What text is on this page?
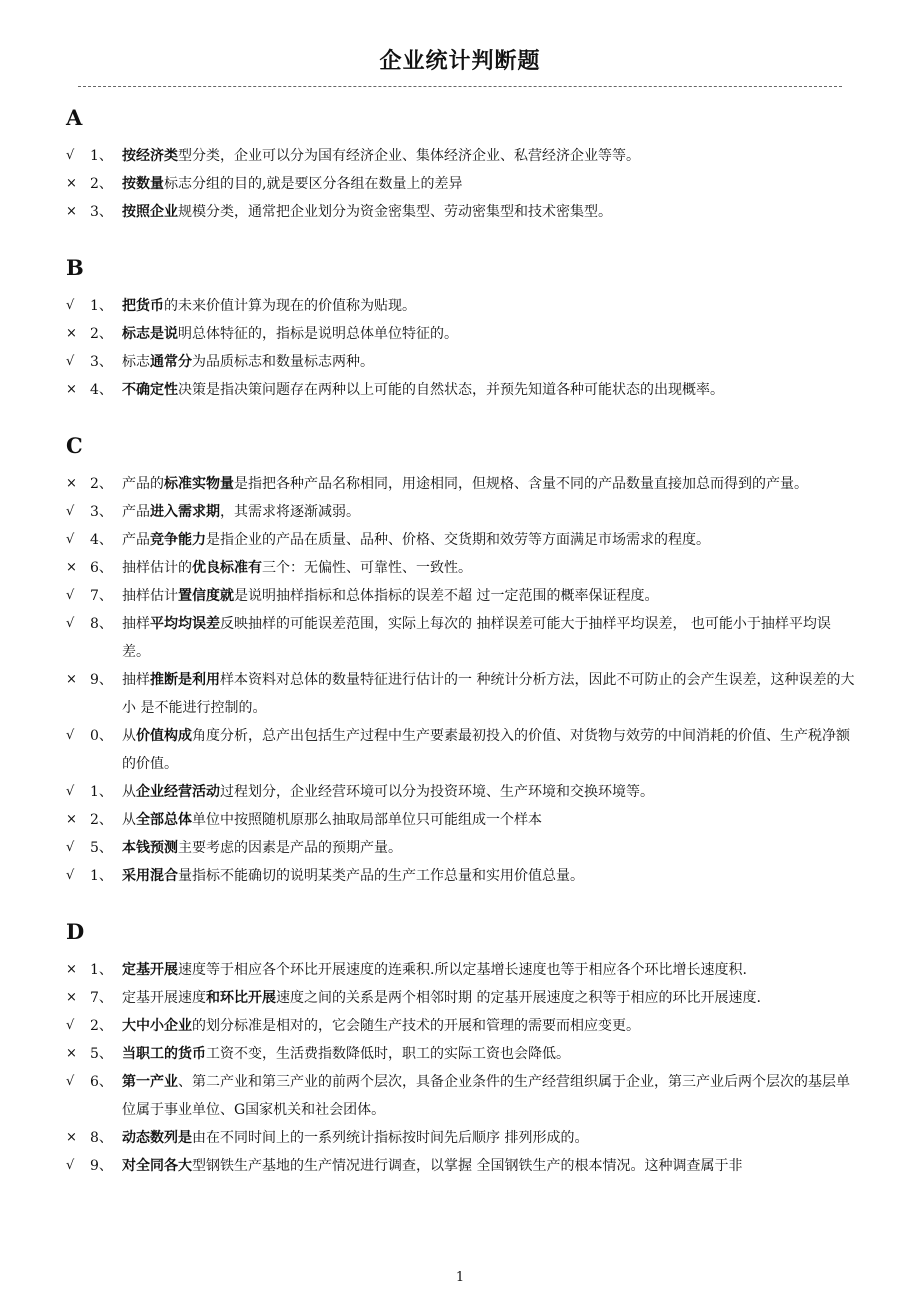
企业统计判断题
A
√	1、 按经济类型分类，企业可以分为国有经济企业、集体经济企业、私营经济企业等等。
× 2、 按数量标志分组的目的,就是要区分各组在数量上的差异
× 3、 按照企业规模分类，通常把企业划分为资金密集型、劳动密集型和技术密集型。
B
√	1、 把货币的未来价值计算为现在的价值称为贴现。
× 2、 标志是说明总体特征的，指标是说明总体单位特征的。
√	3、 标志通常分为品质标志和数量标志两种。
× 4、 不确定性决策是指决策问题存在两种以上可能的自然状态，并预先知道各种可能状态的出现概率。
C
× 2、 产品的标准实物量是指把各种产品名称相同，用途相同，但规格、含量不同的产品数量直接加总而得到的产量。
√	3、 产品进入需求期，其需求将逐渐减弱。
√	4、 产品竞争能力是指企业的产品在质量、品种、价格、交货期和效劳等方面满足市场需求的程度。
× 6、 抽样估计的优良标准有三个：无偏性、可靠性、一致性。
√	7、 抽样估计置信度就是说明抽样指标和总体指标的误差不超 过一定范围的概率保证程度。
√	8、 抽样平均均误差反映抽样的可能误差范围，实际上每次的 抽样误差可能大于抽样平均误差， 也可能小于抽样平均误差。
× 9、 抽样推断是利用样本资料对总体的数量特征进行估计的一 种统计分析方法，因此不可防止的会产生误差，这种误差的大小 是不能进行控制的。
√	0、 从价值构成角度分析，总产出包括生产过程中生产要素最初投入的价值、对货物与效劳的中间消耗的价值、生产税净额的价值。
√	1、 从企业经营活动过程划分，企业经营环境可以分为投资环境、生产环境和交换环境等。
× 2、 从全部总体单位中按照随机原那么抽取局部单位只可能组成一个样本
√	5、 本钱预测主要考虑的因素是产品的预期产量。
√	1、 采用混合量指标不能确切的说明某类产品的生产工作总量和实用价值总量。
D
× 1、 定基开展速度等于相应各个环比开展速度的连乘积.所以定基增长速度也等于相应各个环比增长速度积.
× 7、 定基开展速度和环比开展速度之间的关系是两个相邻时期 的定基开展速度之积等于相应的环比开展速度.
√	2、 大中小企业的划分标准是相对的，它会随生产技术的开展和管理的需要而相应变更。
× 5、 当职工的货币工资不变，生活费指数降低时，职工的实际工资也会降低。
√	6、 第一产业、第二产业和第三产业的前两个层次，具备企业条件的生产经营组织属于企业，第三产业后两个层次的基层单位属于事业单位、G国家机关和社会团体。
× 8、 动态数列是由在不同时间上的一系列统计指标按时间先后顺序 排列形成的。
√	9、 对全同各大型钢铁生产基地的生产情况进行调查，以掌握 全国钢铁生产的根本情况。这种调查属于非
1
